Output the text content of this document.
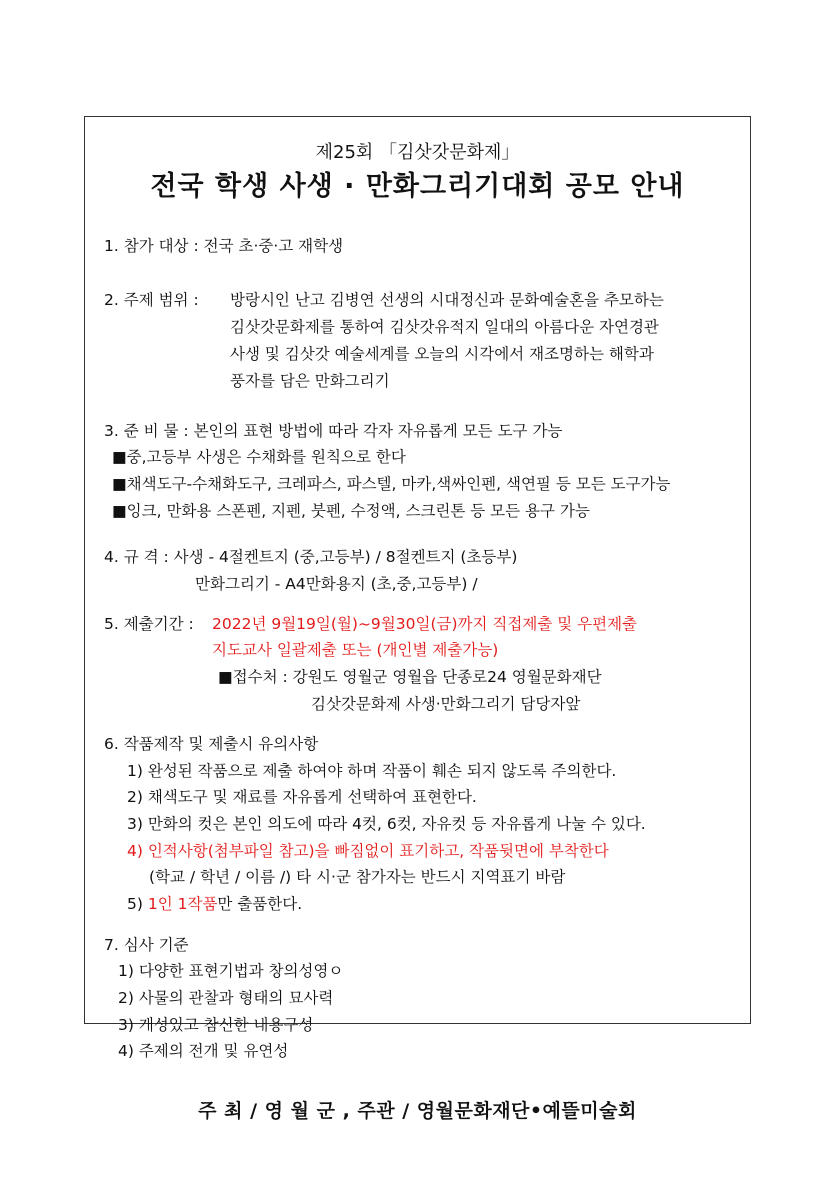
제25회 「김삿갓문화제」
전국 학생 사생 · 만화그리기대회 공모 안내
1. 참가 대상 : 전국 초·중·고 재학생
2. 주제 범위 : 방랑시인 난고 김병연 선생의 시대정신과 문화예술혼을 추모하는
김삿갓문화제를 통하여 김삿갓유적지 일대의 아름다운 자연경관
사생 및 김삿갓 예술세계를 오늘의 시각에서 재조명하는 해학과
풍자를 담은 만화그리기
3. 준 비 물 : 본인의 표현 방법에 따라 각자 자유롭게 모든 도구 가능
■중,고등부 사생은 수채화를 원칙으로 한다
■채색도구-수채화도구, 크레파스, 파스텔, 마카,색싸인펜, 색연필 등 모든 도구가능
■잉크, 만화용 스폰펜, 지펜, 붓펜, 수정액, 스크린톤 등 모든 용구 가능
4. 규 격 : 사생 - 4절켄트지 (중,고등부) / 8절켄트지 (초등부)
만화그리기 - A4만화용지 (초,중,고등부) /
5. 제출기간 : 2022년 9월19일(월)~9월30일(금)까지 직접제출 및 우편제출
지도교사 일괄제출 또는 (개인별 제출가능)
■접수처 : 강원도 영월군 영월읍 단종로24 영월문화재단
김삿갓문화제 사생·만화그리기 담당자앞
6. 작품제작 및 제출시 유의사항
1) 완성된 작품으로 제출 하여야 하며 작품이 훼손 되지 않도록 주의한다.
2) 채색도구 및 재료를 자유롭게 선택하여 표현한다.
3) 만화의 컷은 본인 의도에 따라 4컷, 6컷, 자유컷 등 자유롭게 나눌 수 있다.
4) 인적사항(첨부파일 참고)을 빠짐없이 표기하고, 작품뒷면에 부착한다
(학교 / 학년 / 이름 /) 타 시·군 참가자는 반드시 지역표기 바람
5) 1인 1작품만 출품한다.
7. 심사 기준
1) 다양한 표현기법과 창의성영ㅇ
2) 사물의 관찰과 형태의 묘사력
3) 개성있고 참신한 내용구성
4) 주제의 전개 및 유연성
주 최 / 영 월 군 , 주관 / 영월문화재단•예뜰미술회
